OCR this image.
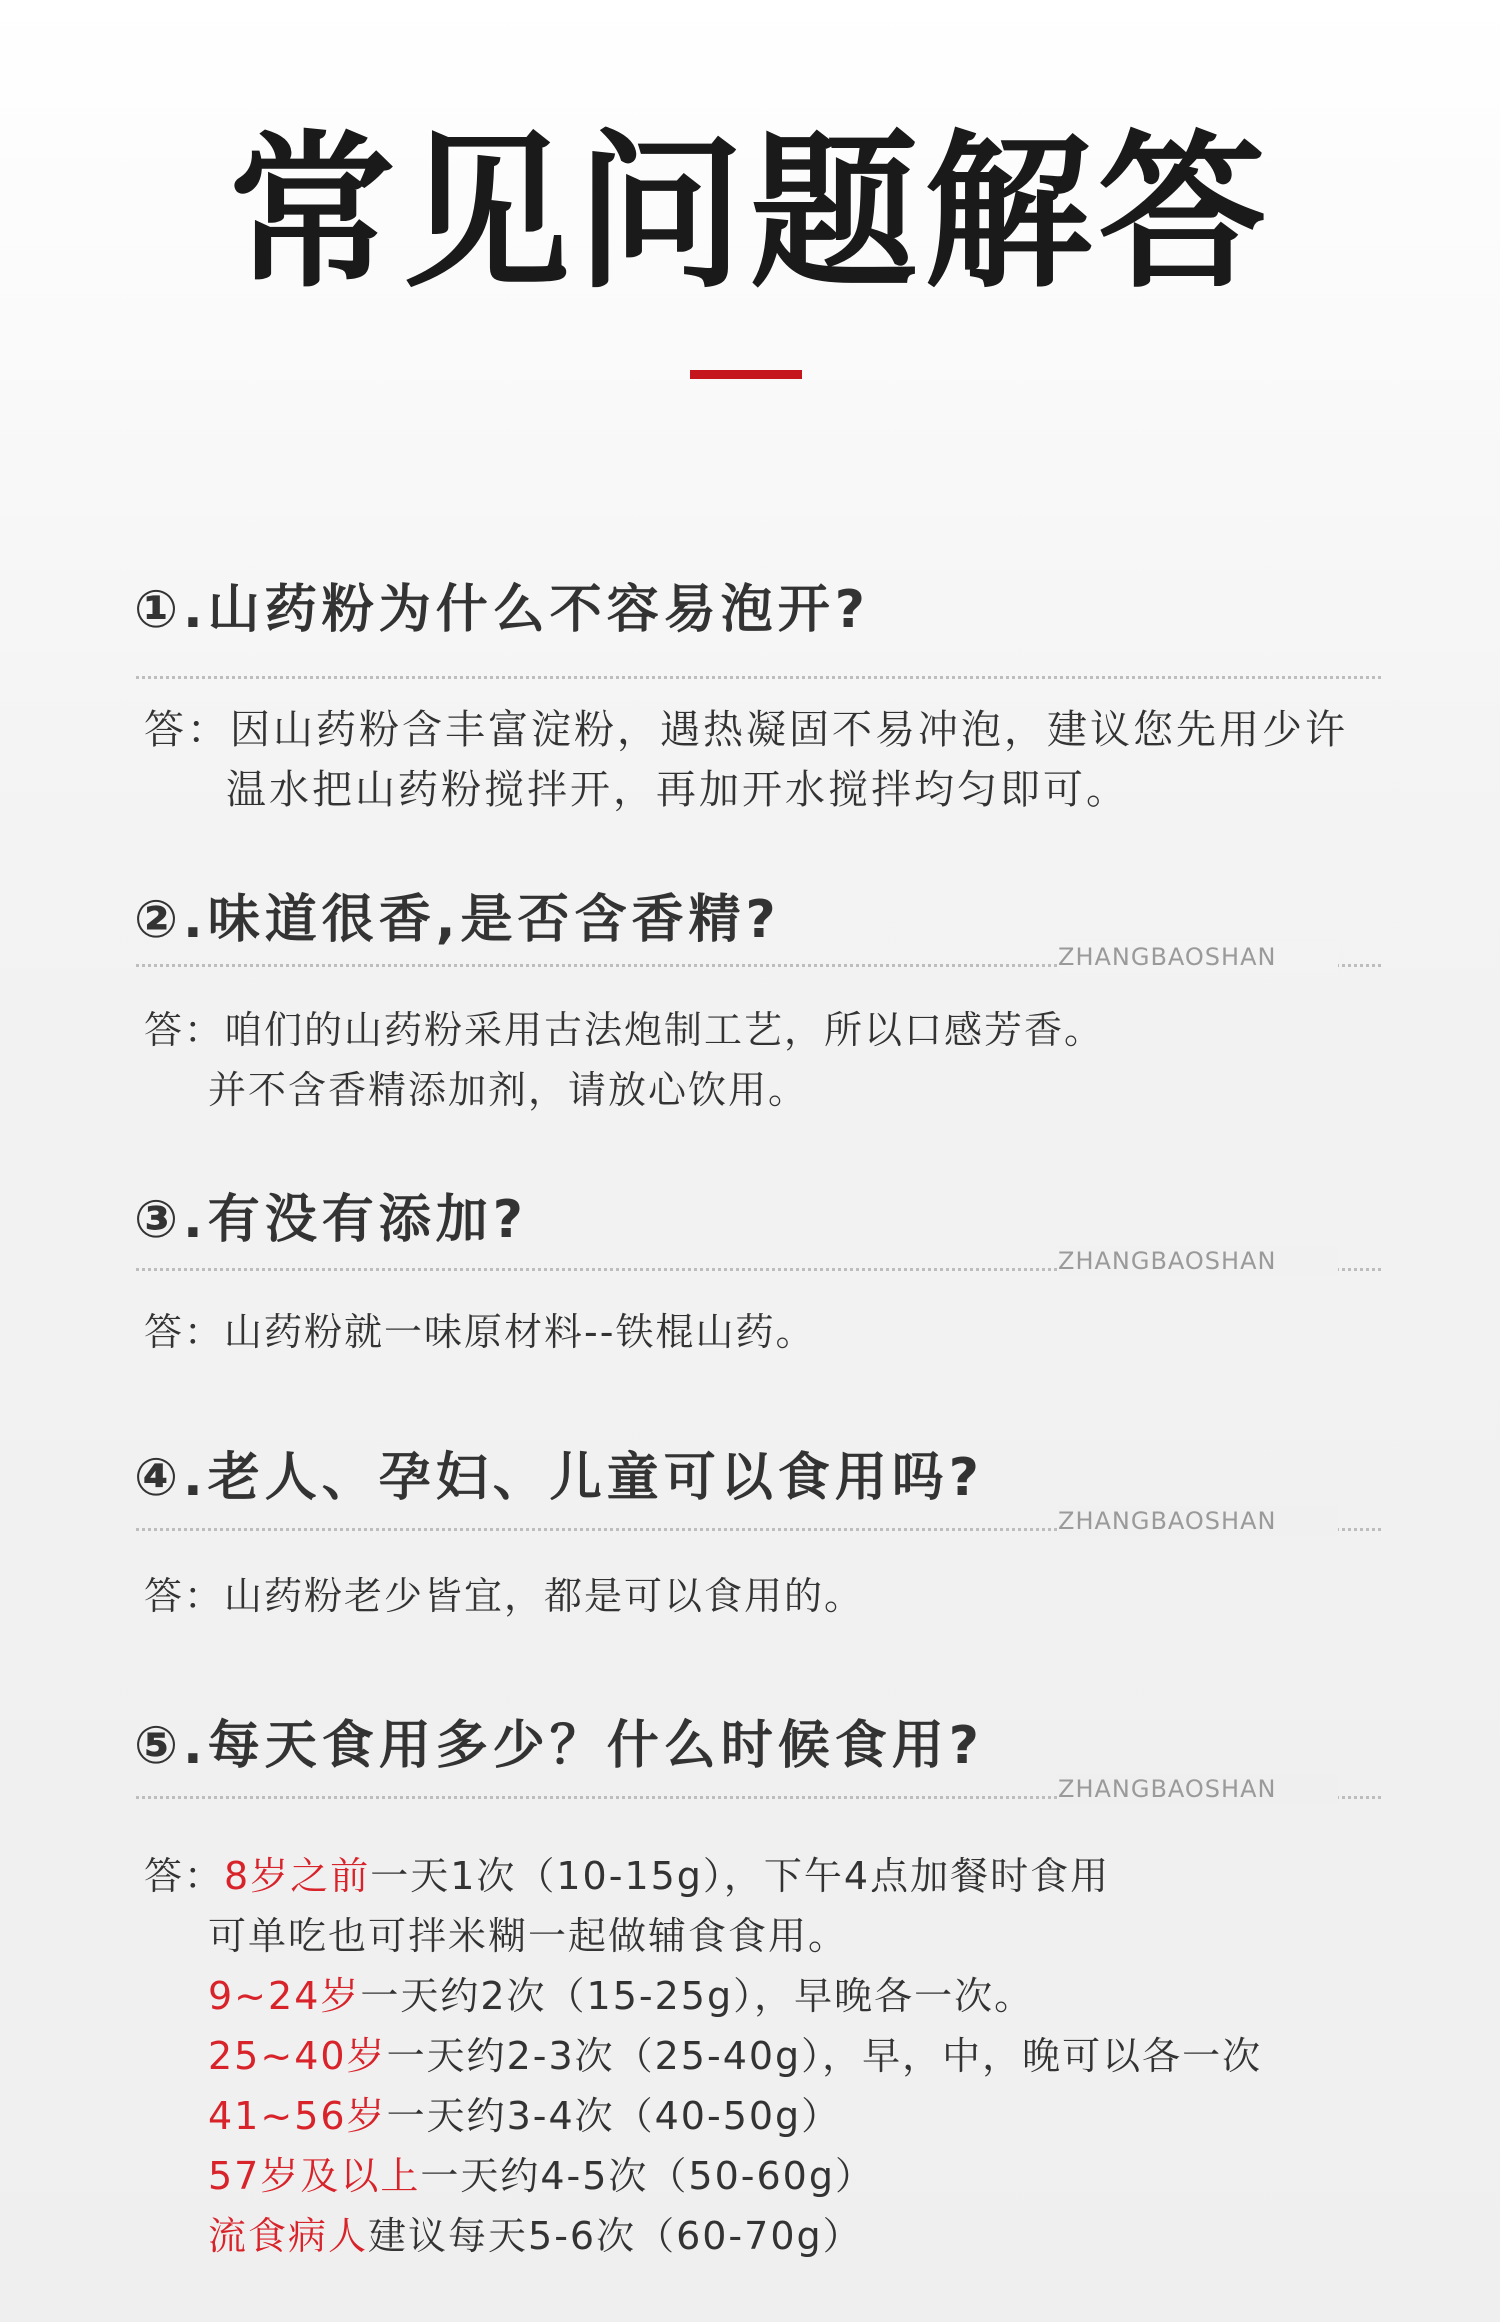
常见问题解答
①.山药粉为什么不容易泡开?
答：因山药粉含丰富淀粉，遇热凝固不易冲泡，建议您先用少许
温水把山药粉搅拌开，再加开水搅拌均匀即可。
②.味道很香,是否含香精?
ZHANGBAOSHAN
答：咱们的山药粉采用古法炮制工艺，所以口感芳香。
并不含香精添加剂，请放心饮用。
③.有没有添加?
ZHANGBAOSHAN
答：山药粉就一味原材料--铁棍山药。
④.老人、孕妇、儿童可以食用吗?
ZHANGBAOSHAN
答：山药粉老少皆宜，都是可以食用的。
⑤.每天食用多少？什么时候食用?
ZHANGBAOSHAN
答：8岁之前一天1次（10-15g），下午4点加餐时食用
可单吃也可拌米糊一起做辅食食用。
9~24岁一天约2次（15-25g），早晚各一次。
25~40岁一天约2-3次（25-40g），早，中，晚可以各一次
41~56岁一天约3-4次（40-50g）
57岁及以上一天约4-5次（50-60g）
流食病人建议每天5-6次（60-70g）
